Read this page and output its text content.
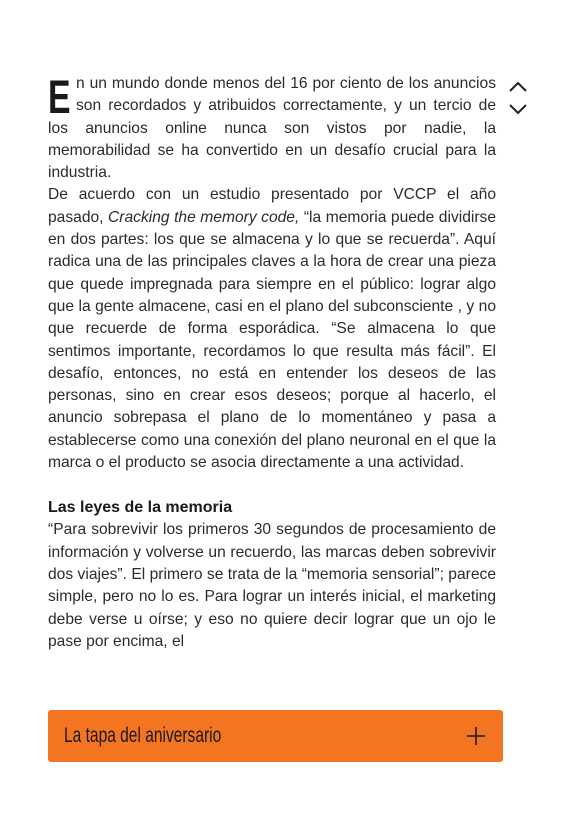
En un mundo donde menos del 16 por ciento de los anuncios son recordados y atribuidos correctamente, y un tercio de los anuncios online nunca son vistos por nadie, la memorabilidad se ha convertido en un desafío crucial para la industria.

De acuerdo con un estudio presentado por VCCP el año pasado, Cracking the memory code, “la memoria puede dividirse en dos partes: los que se almacena y lo que se recuerda”. Aquí radica una de las principales claves a la hora de crear una pieza que quede impregnada para siempre en el público: lograr algo que la gente almacene, casi en el plano del subconsciente , y no que recuerde de forma esporádica. “Se almacena lo que sentimos importante, recordamos lo que resulta más fácil”. El desafío, entonces, no está en entender los deseos de las personas, sino en crear esos deseos; porque al hacerlo, el anuncio sobrepasa el plano de lo momentáneo y pasa a establecerse como una conexión del plano neuronal en el que la marca o el producto se asocia directamente a una actividad.

Las leyes de la memoria

“Para sobrevivir los primeros 30 segundos de procesamiento de información y volverse un recuerdo, las marcas deben sobrevivir dos viajes”. El primero se trata de la “memoria sensorial”; parece simple, pero no lo es. Para lograr un interés inicial, el marketing debe verse u oírse; y eso no quiere decir lograr que un ojo le pase por encima, el

La tapa del aniversario
